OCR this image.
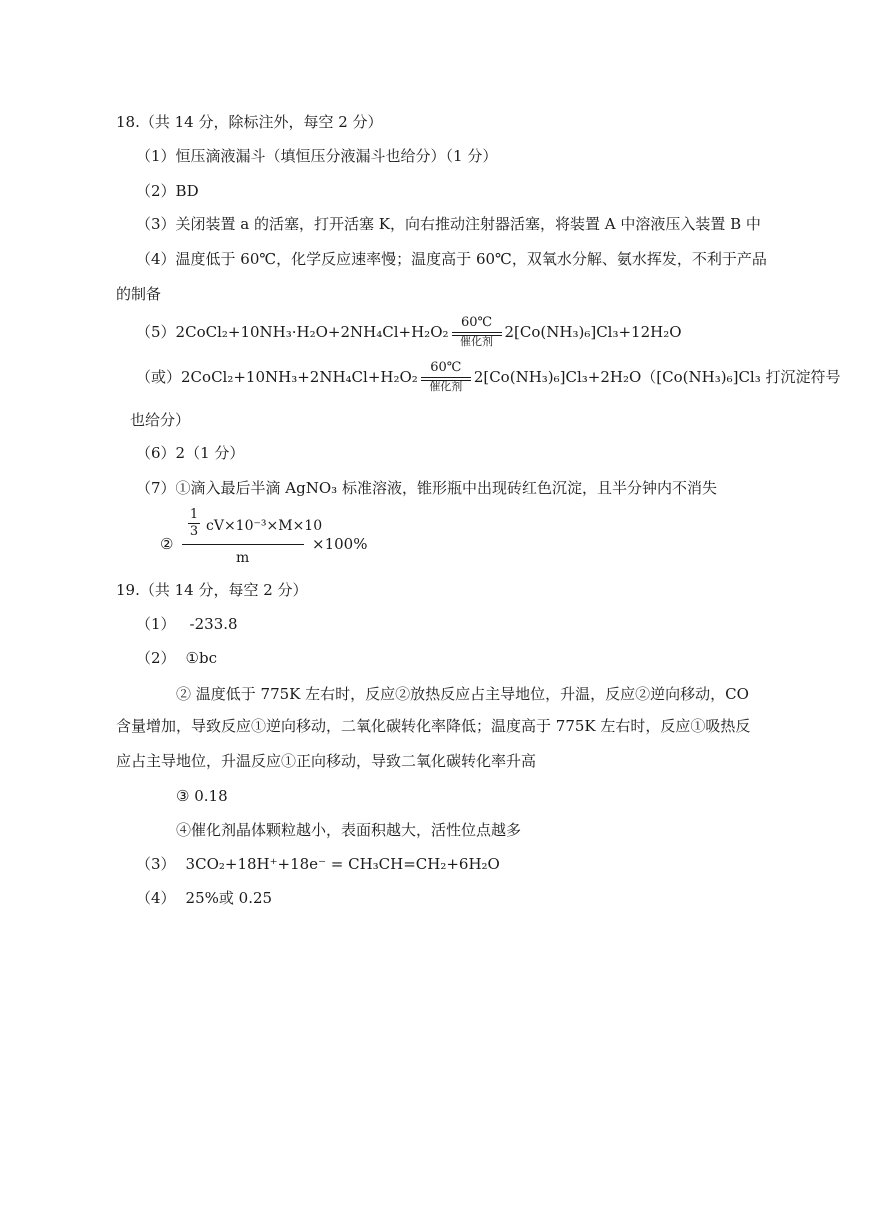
18.（共 14 分，除标注外，每空 2 分）
（1）恒压滴液漏斗（填恒压分液漏斗也给分）（1 分）
（2）BD
（3）关闭装置 a 的活塞，打开活塞 K，向右推动注射器活塞，将装置 A 中溶液压入装置 B 中
（4）温度低于 60℃，化学反应速率慢；温度高于 60℃，双氧水分解、氨水挥发，不利于产品
的制备
（5）2CoCl₂+10NH₃·H₂O+2NH₄Cl+H₂O₂
60℃
催化剂
2[Co(NH₃)₆]Cl₃+12H₂O
（或）2CoCl₂+10NH₃+2NH₄Cl+H₂O₂
60℃
催化剂
2[Co(NH₃)₆]Cl₃+2H₂O（[Co(NH₃)₆]Cl₃ 打沉淀符号
也给分）
（6）2（1 分）
（7）①滴入最后半滴 AgNO₃ 标准溶液，锥形瓶中出现砖红色沉淀，且半分钟内不消失
②
1
3 cV×10⁻³×M×10
m
×100%
19.（共 14 分，每空 2 分）
（1） -233.8
（2） ①bc
② 温度低于 775K 左右时，反应②放热反应占主导地位，升温，反应②逆向移动，CO
含量增加，导致反应①逆向移动，二氧化碳转化率降低；温度高于 775K 左右时，反应①吸热反
应占主导地位，升温反应①正向移动，导致二氧化碳转化率升高
③ 0.18
④催化剂晶体颗粒越小，表面积越大，活性位点越多
（3） 3CO₂+18H⁺+18e⁻ = CH₃CH=CH₂+6H₂O
（4） 25%或 0.25
